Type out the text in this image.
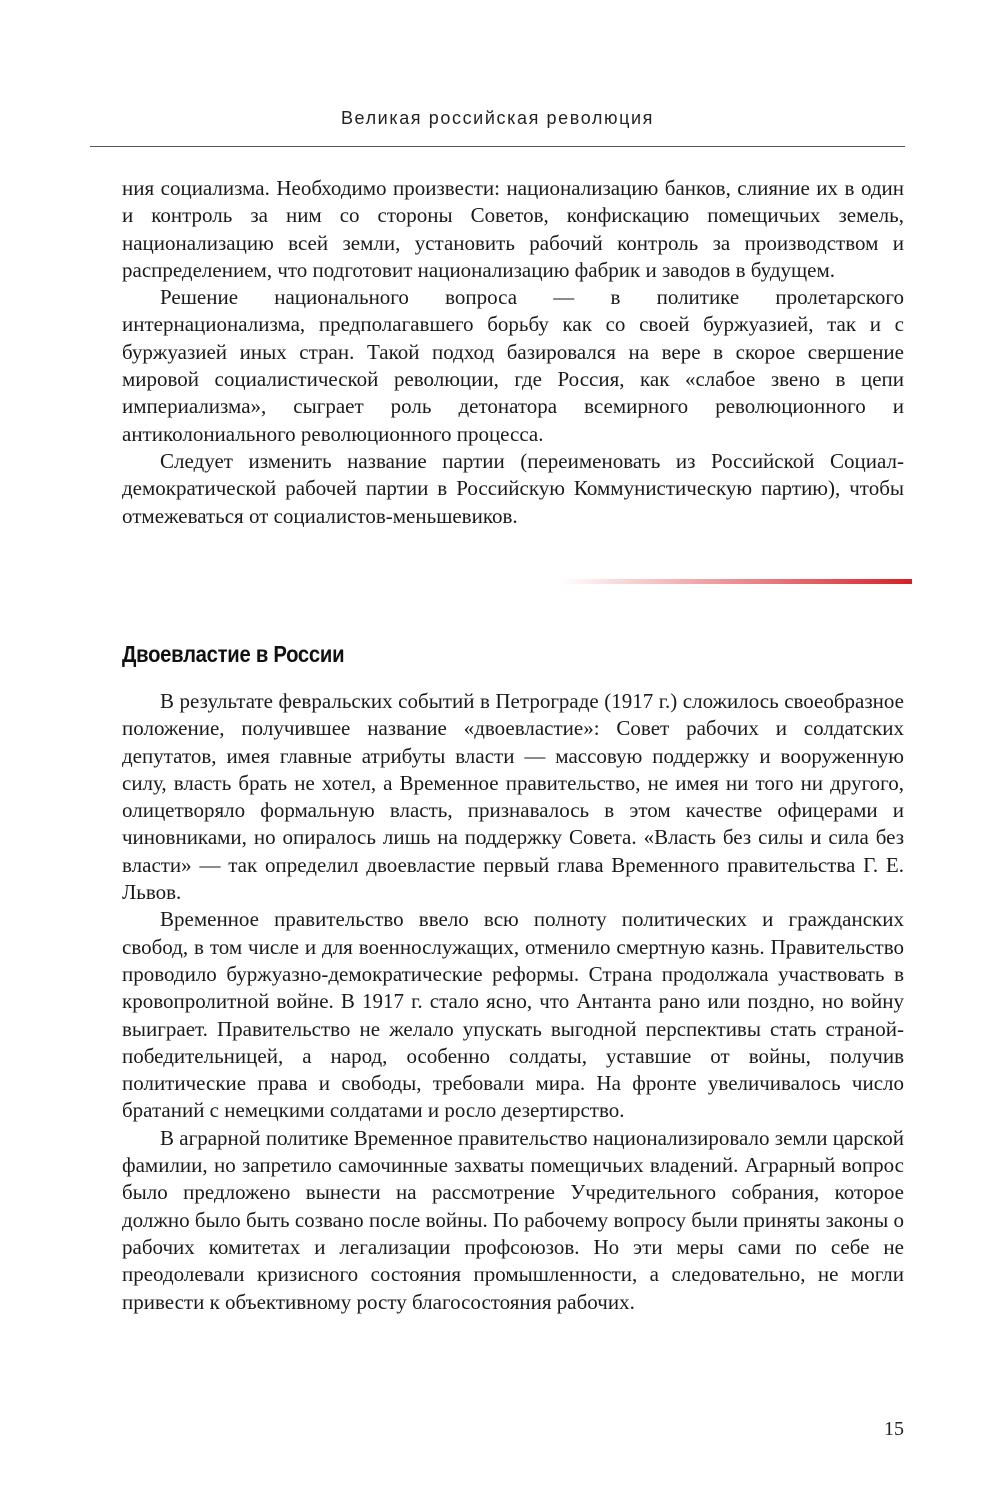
Великая российская революция

ния социализма. Необходимо произвести: национализацию банков, слияние их в один и контроль за ним со стороны Советов, конфискацию помещичьих земель, национализацию всей земли, установить рабочий контроль за производством и распределением, что подготовит национализацию фабрик и заводов в будущем.

Решение национального вопроса — в политике пролетарского интернационализма, предполагавшего борьбу как со своей буржуазией, так и с буржуазией иных стран. Такой подход базировался на вере в скорое свершение мировой социалистической революции, где Россия, как «слабое звено в цепи империализма», сыграет роль детонатора всемирного революционного и антиколониального революционного процесса.

Следует изменить название партии (переименовать из Российской Социал-демократической рабочей партии в Российскую Коммунистическую партию), чтобы отмежеваться от социалистов-меньшевиков.

Двоевластие в России

В результате февральских событий в Петрограде (1917 г.) сложилось своеобразное положение, получившее название «двоевластие»: Совет рабочих и солдатских депутатов, имея главные атрибуты власти — массовую поддержку и вооруженную силу, власть брать не хотел, а Временное правительство, не имея ни того ни другого, олицетворяло формальную власть, признавалось в этом качестве офицерами и чиновниками, но опиралось лишь на поддержку Совета. «Власть без силы и сила без власти» — так определил двоевластие первый глава Временного правительства Г. Е. Львов.

Временное правительство ввело всю полноту политических и гражданских свобод, в том числе и для военнослужащих, отменило смертную казнь. Правительство проводило буржуазно-демократические реформы. Страна продолжала участвовать в кровопролитной войне. В 1917 г. стало ясно, что Антанта рано или поздно, но войну выиграет. Правительство не желало упускать выгодной перспективы стать страной-победительницей, а народ, особенно солдаты, уставшие от войны, получив политические права и свободы, требовали мира. На фронте увеличивалось число братаний с немецкими солдатами и росло дезертирство.

В аграрной политике Временное правительство национализировало земли царской фамилии, но запретило самочинные захваты помещичьих владений. Аграрный вопрос было предложено вынести на рассмотрение Учредительного собрания, которое должно было быть созвано после войны. По рабочему вопросу были приняты законы о рабочих комитетах и легализации профсоюзов. Но эти меры сами по себе не преодолевали кризисного состояния промышленности, а следовательно, не могли привести к объективному росту благосостояния рабочих.

15
